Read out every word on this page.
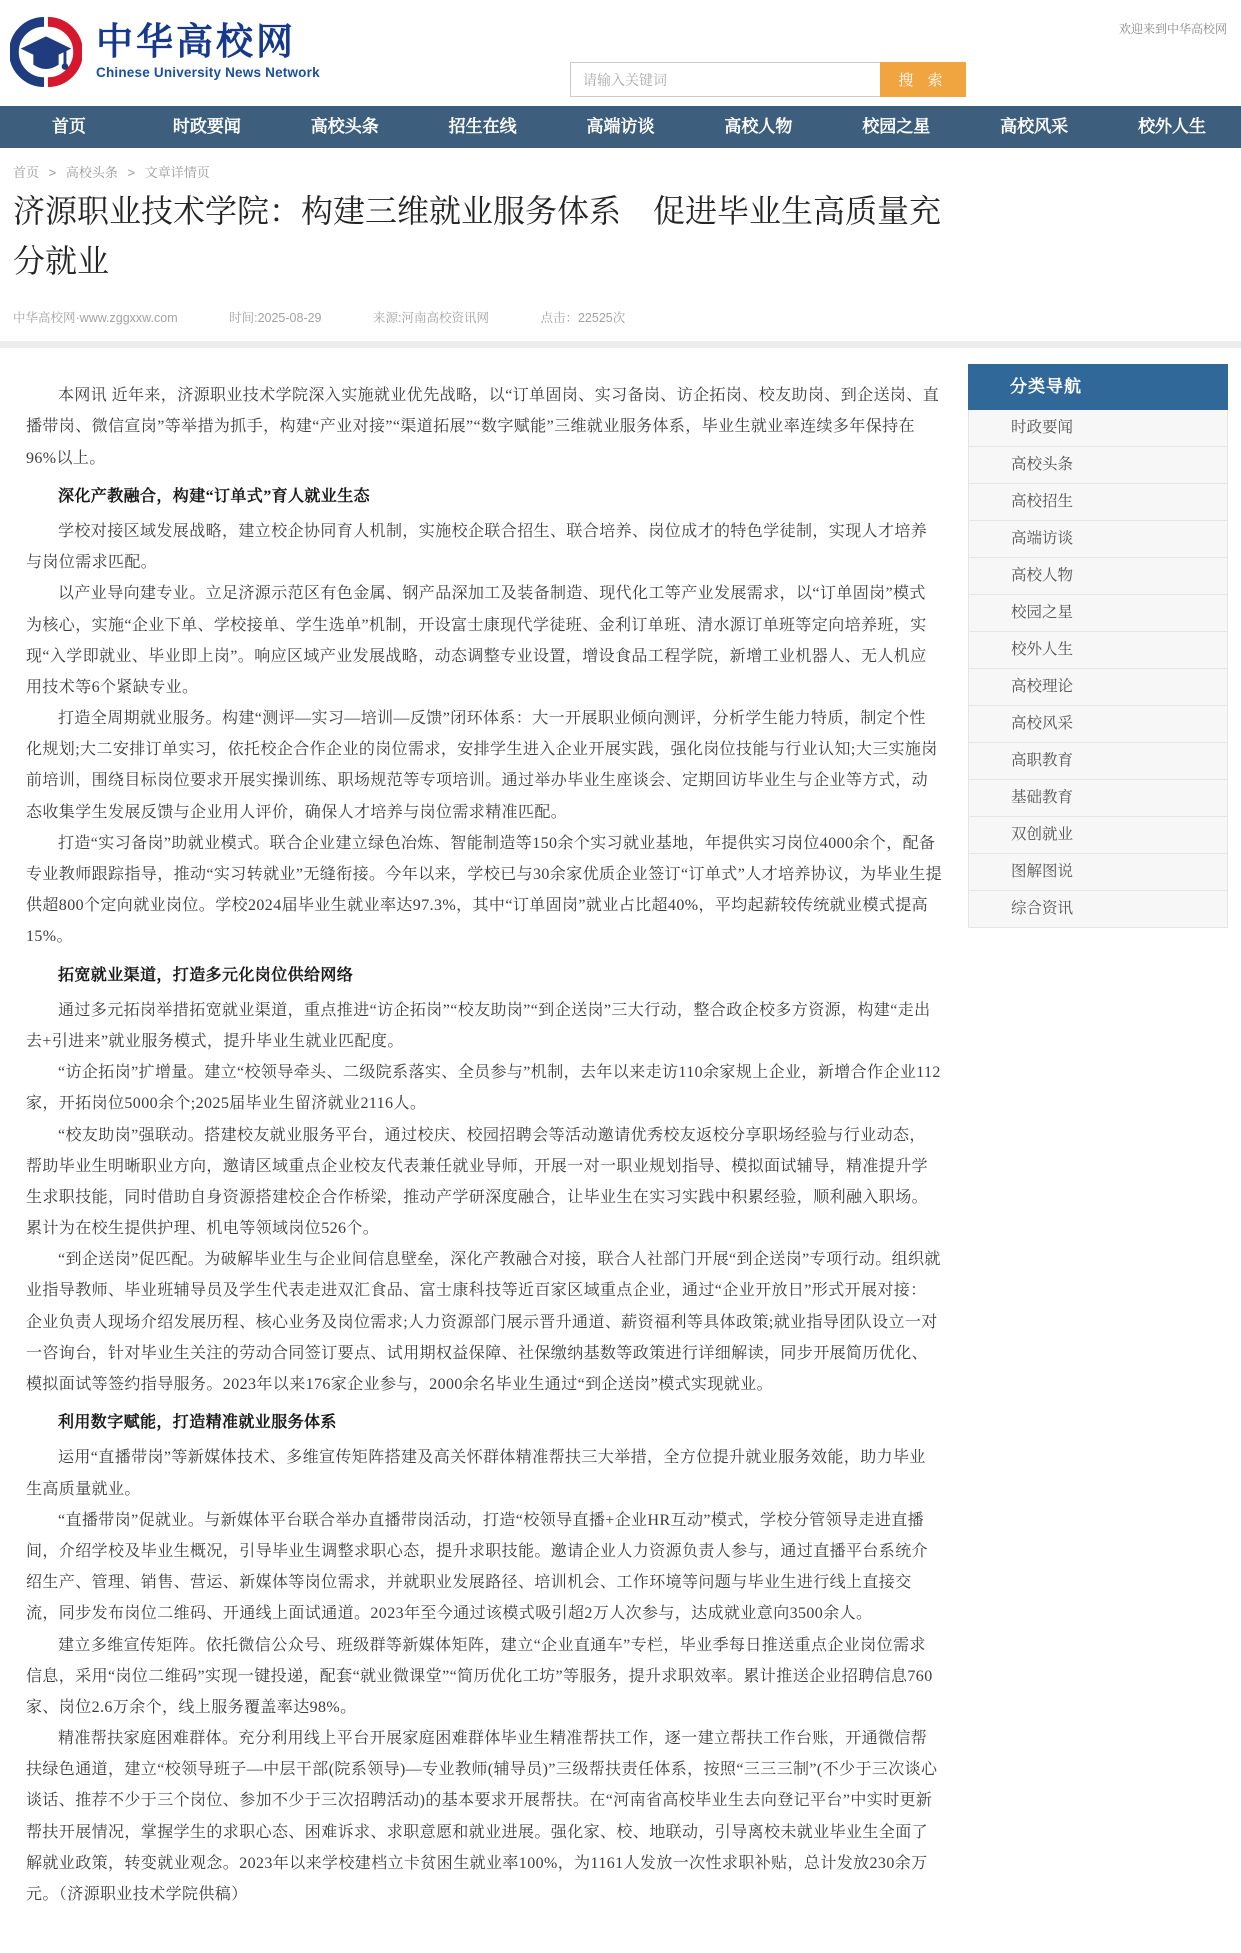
欢迎来到中华高校网
中华高校网
Chinese University News Network
请输入关键词	搜 索
首页	时政要闻	高校头条	招生在线	高端访谈	高校人物	校园之星	高校风采	校外人生
首页 > 高校头条 > 文章详情页
济源职业技术学院：构建三维就业服务体系　促进毕业生高质量充分就业
中华高校网·www.zggxxw.com	时间:2025-08-29	来源:河南高校资讯网	点击：22525次

本网讯 近年来，济源职业技术学院深入实施就业优先战略，以“订单固岗、实习备岗、访企拓岗、校友助岗、到企送岗、直播带岗、微信宣岗”等举措为抓手，构建“产业对接”“渠道拓展”“数字赋能”三维就业服务体系，毕业生就业率连续多年保持在96%以上。

深化产教融合，构建“订单式”育人就业生态

学校对接区域发展战略，建立校企协同育人机制，实施校企联合招生、联合培养、岗位成才的特色学徒制，实现人才培养与岗位需求匹配。

以产业导向建专业。立足济源示范区有色金属、钢产品深加工及装备制造、现代化工等产业发展需求，以“订单固岗”模式为核心，实施“企业下单、学校接单、学生选单”机制，开设富士康现代学徒班、金利订单班、清水源订单班等定向培养班，实现“入学即就业、毕业即上岗”。响应区域产业发展战略，动态调整专业设置，增设食品工程学院，新增工业机器人、无人机应用技术等6个紧缺专业。

打造全周期就业服务。构建“测评—实习—培训—反馈”闭环体系：大一开展职业倾向测评，分析学生能力特质，制定个性化规划;大二安排订单实习，依托校企合作企业的岗位需求，安排学生进入企业开展实践，强化岗位技能与行业认知;大三实施岗前培训，围绕目标岗位要求开展实操训练、职场规范等专项培训。通过举办毕业生座谈会、定期回访毕业生与企业等方式，动态收集学生发展反馈与企业用人评价，确保人才培养与岗位需求精准匹配。

打造“实习备岗”助就业模式。联合企业建立绿色冶炼、智能制造等150余个实习就业基地，年提供实习岗位4000余个，配备专业教师跟踪指导，推动“实习转就业”无缝衔接。今年以来，学校已与30余家优质企业签订“订单式”人才培养协议，为毕业生提供超800个定向就业岗位。学校2024届毕业生就业率达97.3%，其中“订单固岗”就业占比超40%，平均起薪较传统就业模式提高15%。

拓宽就业渠道，打造多元化岗位供给网络

通过多元拓岗举措拓宽就业渠道，重点推进“访企拓岗”“校友助岗”“到企送岗”三大行动，整合政企校多方资源，构建“走出去+引进来”就业服务模式，提升毕业生就业匹配度。

“访企拓岗”扩增量。建立“校领导牵头、二级院系落实、全员参与”机制，去年以来走访110余家规上企业，新增合作企业112家，开拓岗位5000余个;2025届毕业生留济就业2116人。

“校友助岗”强联动。搭建校友就业服务平台，通过校庆、校园招聘会等活动邀请优秀校友返校分享职场经验与行业动态，帮助毕业生明晰职业方向，邀请区域重点企业校友代表兼任就业导师，开展一对一职业规划指导、模拟面试辅导，精准提升学生求职技能，同时借助自身资源搭建校企合作桥梁，推动产学研深度融合，让毕业生在实习实践中积累经验，顺利融入职场。累计为在校生提供护理、机电等领域岗位526个。

“到企送岗”促匹配。为破解毕业生与企业间信息壁垒，深化产教融合对接，联合人社部门开展“到企送岗”专项行动。组织就业指导教师、毕业班辅导员及学生代表走进双汇食品、富士康科技等近百家区域重点企业，通过“企业开放日”形式开展对接：企业负责人现场介绍发展历程、核心业务及岗位需求;人力资源部门展示晋升通道、薪资福利等具体政策;就业指导团队设立一对一咨询台，针对毕业生关注的劳动合同签订要点、试用期权益保障、社保缴纳基数等政策进行详细解读，同步开展简历优化、模拟面试等签约指导服务。2023年以来176家企业参与，2000余名毕业生通过“到企送岗”模式实现就业。

利用数字赋能，打造精准就业服务体系

运用“直播带岗”等新媒体技术、多维宣传矩阵搭建及高关怀群体精准帮扶三大举措，全方位提升就业服务效能，助力毕业生高质量就业。

“直播带岗”促就业。与新媒体平台联合举办直播带岗活动，打造“校领导直播+企业HR互动”模式，学校分管领导走进直播间，介绍学校及毕业生概况，引导毕业生调整求职心态，提升求职技能。邀请企业人力资源负责人参与，通过直播平台系统介绍生产、管理、销售、营运、新媒体等岗位需求，并就职业发展路径、培训机会、工作环境等问题与毕业生进行线上直接交流，同步发布岗位二维码、开通线上面试通道。2023年至今通过该模式吸引超2万人次参与，达成就业意向3500余人。

建立多维宣传矩阵。依托微信公众号、班级群等新媒体矩阵，建立“企业直通车”专栏，毕业季每日推送重点企业岗位需求信息，采用“岗位二维码”实现一键投递，配套“就业微课堂”“简历优化工坊”等服务，提升求职效率。累计推送企业招聘信息760家、岗位2.6万余个，线上服务覆盖率达98%。

精准帮扶家庭困难群体。充分利用线上平台开展家庭困难群体毕业生精准帮扶工作，逐一建立帮扶工作台账，开通微信帮扶绿色通道，建立“校领导班子—中层干部(院系领导)—专业教师(辅导员)”三级帮扶责任体系，按照“三三三制”(不少于三次谈心谈话、推荐不少于三个岗位、参加不少于三次招聘活动)的基本要求开展帮扶。在“河南省高校毕业生去向登记平台”中实时更新帮扶开展情况，掌握学生的求职心态、困难诉求、求职意愿和就业进展。强化家、校、地联动，引导离校未就业毕业生全面了解就业政策，转变就业观念。2023年以来学校建档立卡贫困生就业率100%，为1161人发放一次性求职补贴，总计发放230余万元。（济源职业技术学院供稿）

分类导航
时政要闻
高校头条
高校招生
高端访谈
高校人物
校园之星
校外人生
高校理论
高校风采
高职教育
基础教育
双创就业
图解图说
综合资讯
